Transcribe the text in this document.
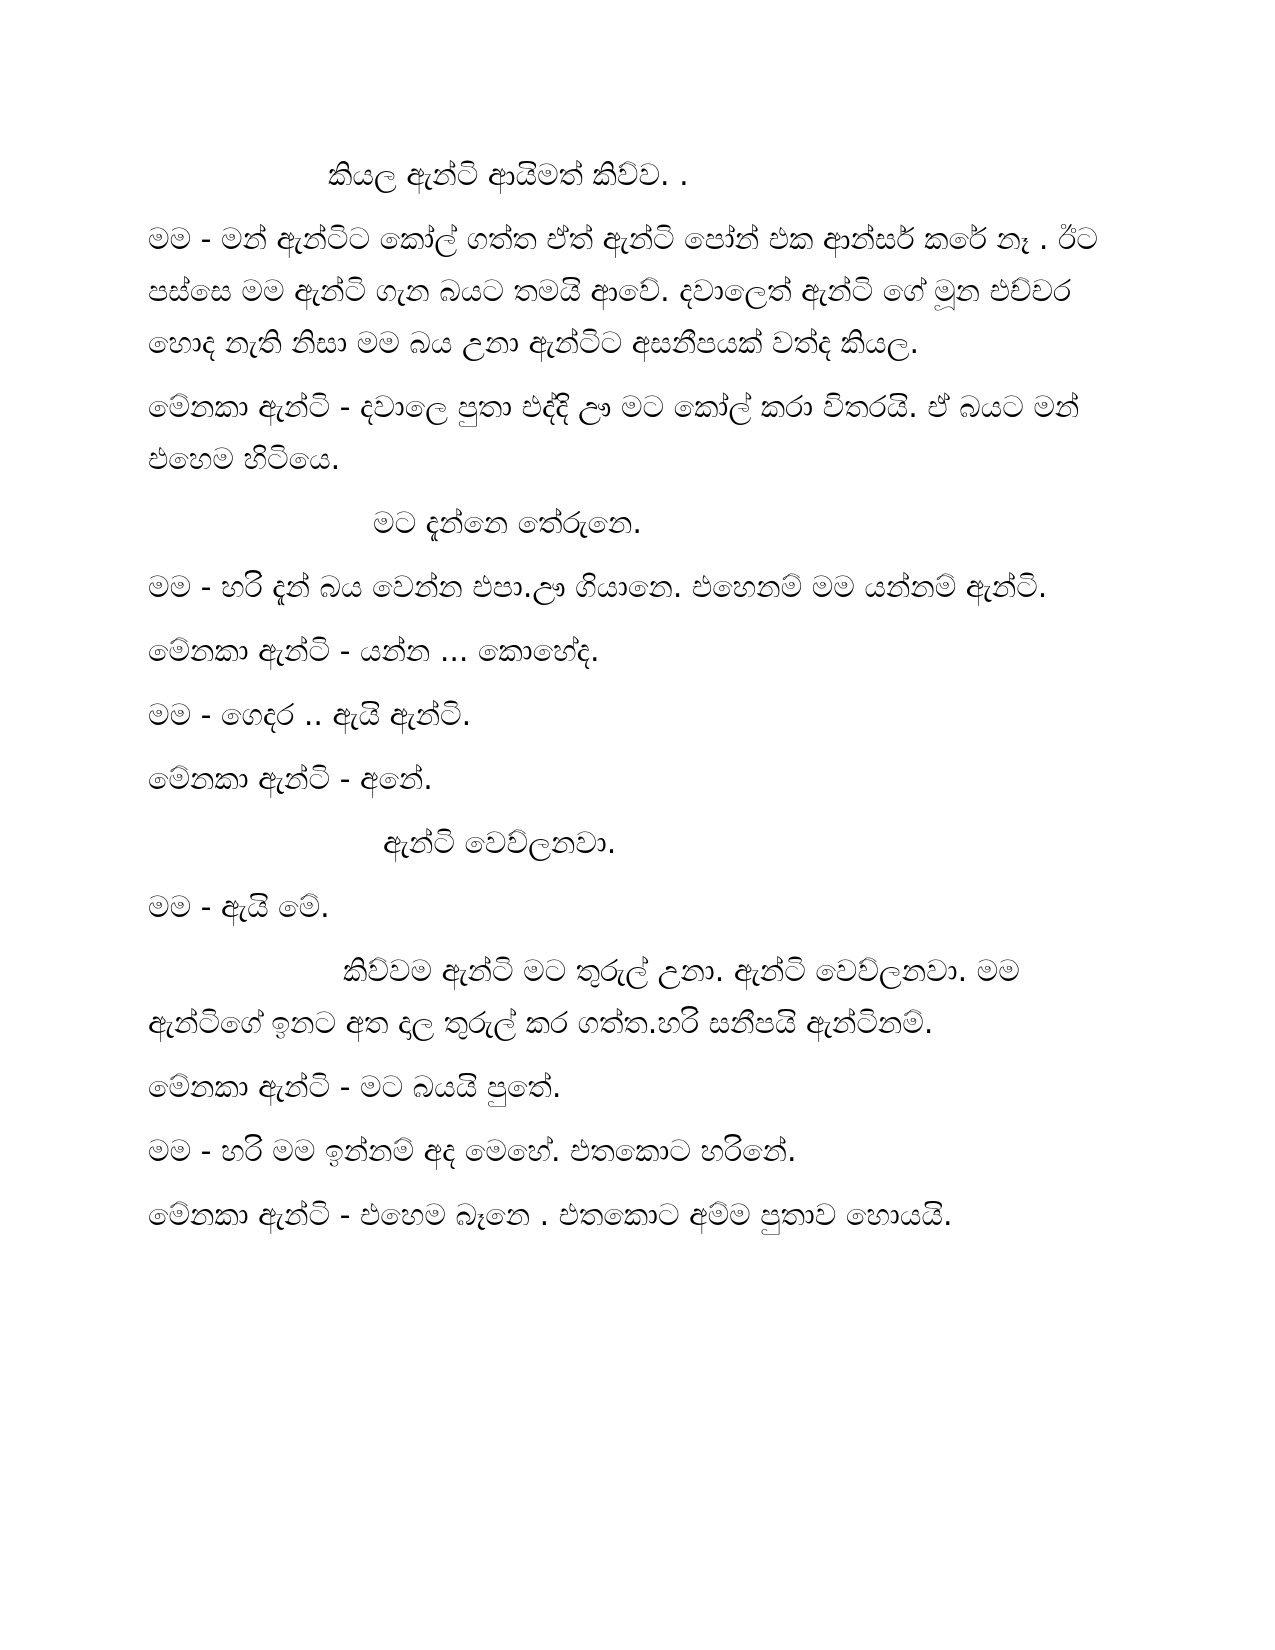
කියල ඇන්ටි ආයිමත් කිව්ව. .

මම - මන් ඇන්ටිට කෝල් ගත්ත ඒත් ඇන්ටි පෝන් එක ආන්සර් කරේ නෑ . ඊට පස්සෙ මම ඇන්ටි ගැන බයට තමයි ආවේ. දවාලෙත් ඇන්ටි ගේ මූන එච්චර හොද නැති නිසා මම බය උනා ඇන්ටිට අසනීපයක් වත්ද කියල.

මේනකා ඇන්ටි - දවාලෙ පුතා එද්දි ඌ මට කෝල් කරා විතරයි. ඒ බයට මන් එහෙම හිටියෙ.

මට දැන්නෙ තේරුනෙ.

මම - හරි දැන් බය වෙන්න එපා.ඌ ගියානෙ. එහෙනම් මම යන්නම් ඇන්ටි.

මේනකා ඇන්ටි - යන්න ... කොහේද.

මම - ගෙදර .. ඇයි ඇන්ටි.

මේනකා ඇන්ටි - අනේ.

ඇන්ටි වෙව්ලනවා.

මම - ඇයි මේ.

කිව්වම ඇන්ටි මට තුරුල් උනා. ඇන්ටි වෙව්ලනවා. මම ඇන්ටිගේ ඉනට අත දාල තුරුල් කර ගත්ත.හරි සනීපයි ඇන්ටිනම්.

මේනකා ඇන්ටි - මට බයයි පුතේ.

මම - හරි මම ඉන්නම් අද මෙහේ. එතකොට හරිනේ.

මේනකා ඇන්ටි - එහෙම බෑනෙ . එතකොට අම්ම පුතාව හොයයි.
